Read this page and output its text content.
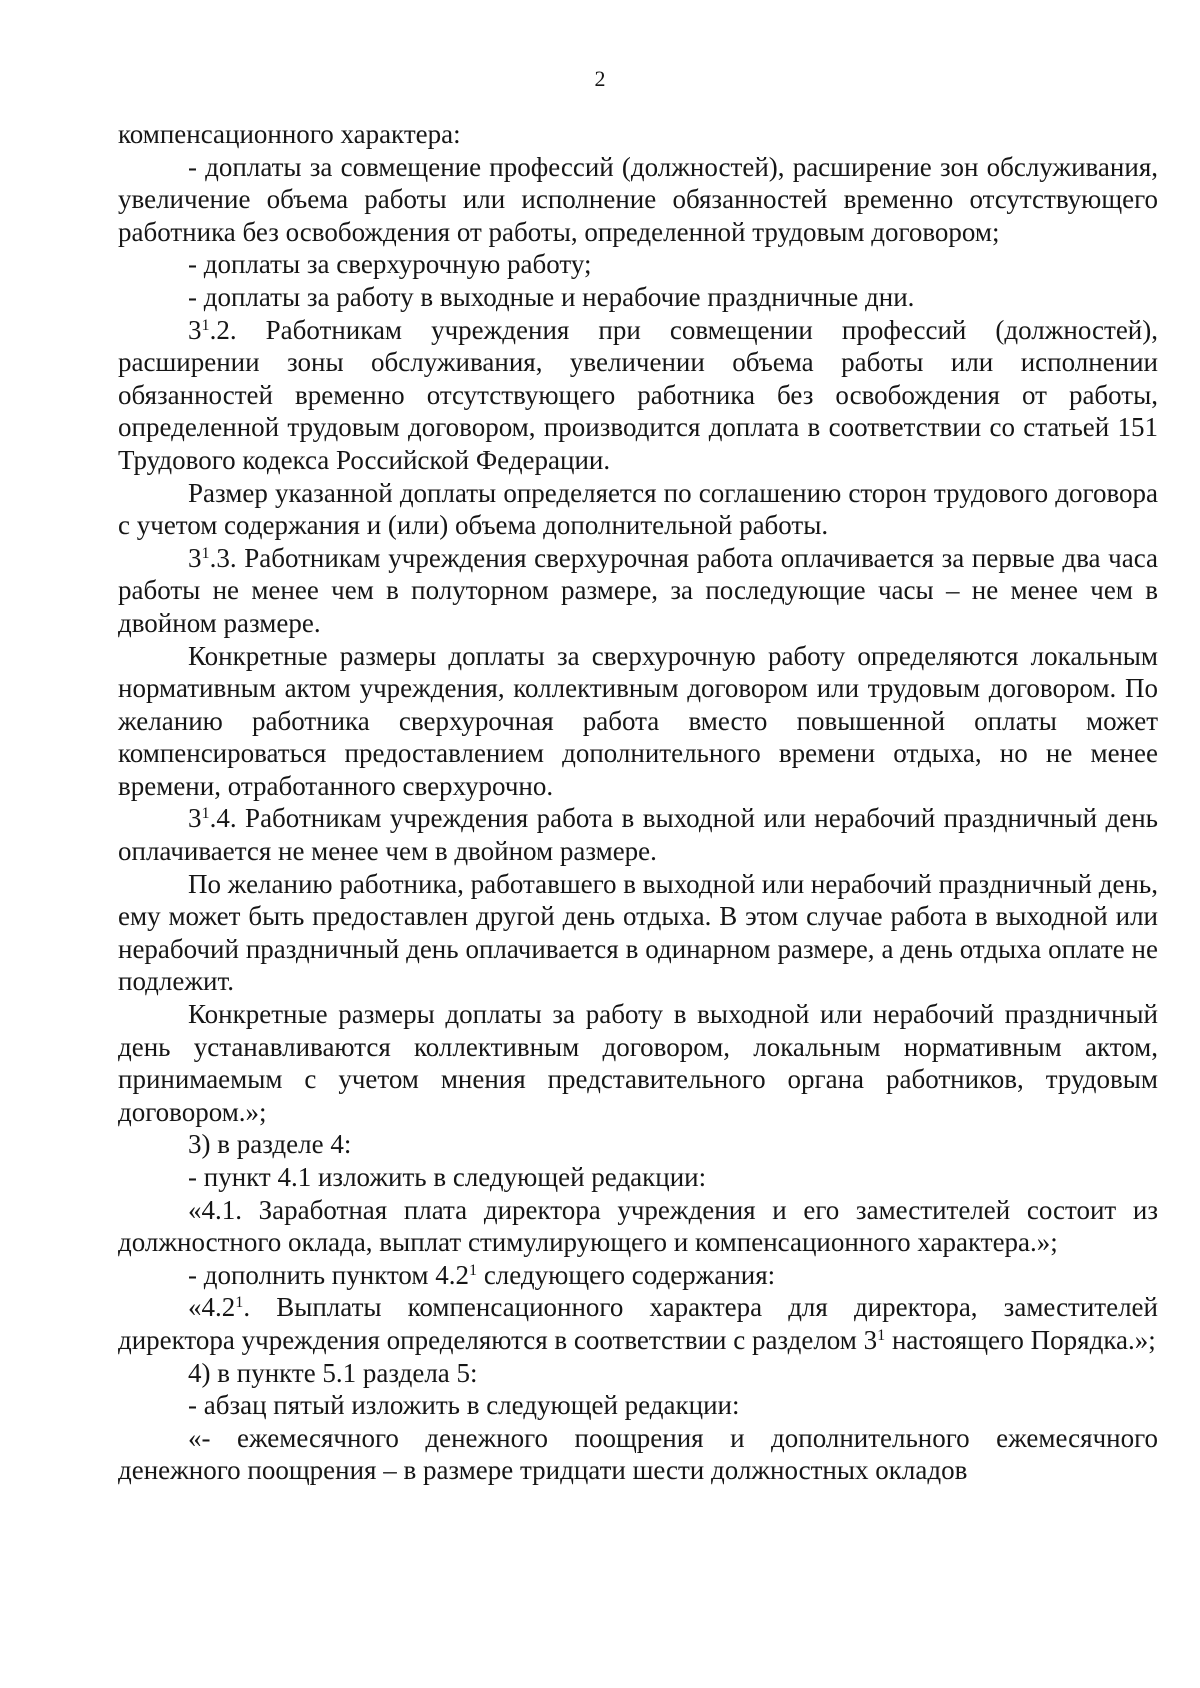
2

компенсационного характера:

- доплаты за совмещение профессий (должностей), расширение зон обслуживания, увеличение объема работы или исполнение обязанностей временно отсутствующего работника без освобождения от работы, определенной трудовым договором;

- доплаты за сверхурочную работу;

- доплаты за работу в выходные и нерабочие праздничные дни.

$3^1.2$. Работникам учреждения при совмещении профессий (должностей), расширении зоны обслуживания, увеличении объема работы или исполнении обязанностей временно отсутствующего работника без освобождения от работы, определенной трудовым договором, производится доплата в соответствии со статьей 151 Трудового кодекса Российской Федерации.

Размер указанной доплаты определяется по соглашению сторон трудового договора с учетом содержания и (или) объема дополнительной работы.

$3^1.3$. Работникам учреждения сверхурочная работа оплачивается за первые два часа работы не менее чем в полуторном размере, за последующие часы – не менее чем в двойном размере.

Конкретные размеры доплаты за сверхурочную работу определяются локальным нормативным актом учреждения, коллективным договором или трудовым договором. По желанию работника сверхурочная работа вместо повышенной оплаты может компенсироваться предоставлением дополнительного времени отдыха, но не менее времени, отработанного сверхурочно.

$3^1.4$. Работникам учреждения работа в выходной или нерабочий праздничный день оплачивается не менее чем в двойном размере.

По желанию работника, работавшего в выходной или нерабочий праздничный день, ему может быть предоставлен другой день отдыха. В этом случае работа в выходной или нерабочий праздничный день оплачивается в одинарном размере, а день отдыха оплате не подлежит.

Конкретные размеры доплаты за работу в выходной или нерабочий праздничный день устанавливаются коллективным договором, локальным нормативным актом, принимаемым с учетом мнения представительного органа работников, трудовым договором.»;

3) в разделе 4:

- пункт 4.1 изложить в следующей редакции:

«4.1. Заработная плата директора учреждения и его заместителей состоит из должностного оклада, выплат стимулирующего и компенсационного характера.»;

- дополнить пунктом $4.2^1$ следующего содержания:

«$4.2^1$. Выплаты компенсационного характера для директора, заместителей директора учреждения определяются в соответствии с разделом $3^1$ настоящего Порядка.»;

4) в пункте 5.1 раздела 5:

- абзац пятый изложить в следующей редакции:

«- ежемесячного денежного поощрения и дополнительного ежемесячного денежного поощрения – в размере тридцати шести должностных окладов
